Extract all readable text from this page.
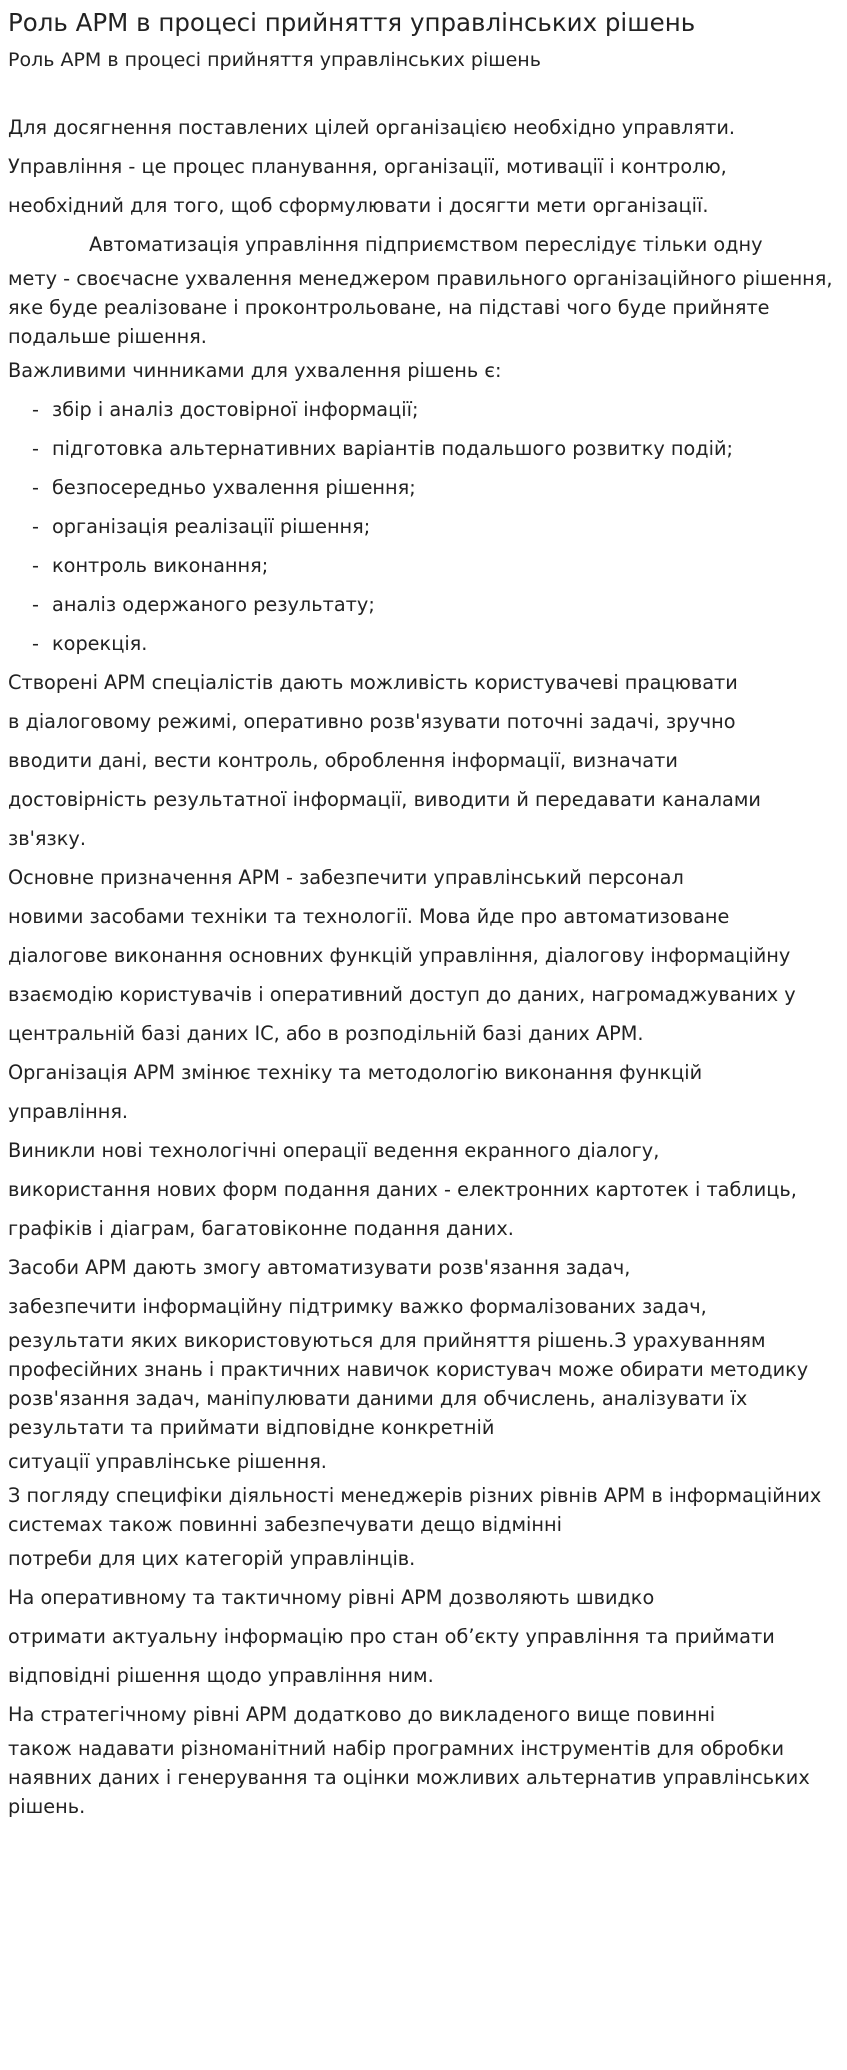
Роль АРМ в процесі прийняття управлінських рішень
Роль АРМ в процесі прийняття управлінських рішень

Для досягнення поставлених цілей організацією необхідно управляти.

Управління - це процес планування, організації, мотивації і контролю,

необхідний для того, щоб сформулювати і досягти мети організації.

Автоматизація управління підприємством переслідує тільки одну

мету - своєчасне ухвалення менеджером правильного організаційного рішення, яке буде реалізоване і проконтрольоване, на підставі чого буде прийняте подальше рішення.

Важливими чинниками для ухвалення рішень є:

- збір і аналіз достовірної інформації;
- підготовка альтернативних варіантів подальшого розвитку подій;
- безпосередньо ухвалення рішення;
- організація реалізації рішення;
- контроль виконання;
- аналіз одержаного результату;
- корекція.

Створені АРМ спеціалістів дають можливість користувачеві працювати

в діалоговому режимі, оперативно розв'язувати поточні задачі, зручно

вводити дані, вести контроль, оброблення інформації, визначати

достовірність результатної інформації, виводити й передавати каналами

зв'язку.

Основне призначення АРМ - забезпечити управлінський персонал

новими засобами техніки та технології. Мова йде про автоматизоване

діалогове виконання основних функцій управління, діалогову інформаційну

взаємодію користувачів і оперативний доступ до даних, нагромаджуваних у

центральній базі даних ІС, або в розподільній базі даних АРМ.

Організація АРМ змінює техніку та методологію виконання функцій

управління.

Виникли нові технологічні операції ведення екранного діалогу,

використання нових форм подання даних - електронних картотек і таблиць,

графіків і діаграм, багатовіконне подання даних.

Засоби АРМ дають змогу автоматизувати розв'язання задач,

забезпечити інформаційну підтримку важко формалізованих задач,

результати яких використовуються для прийняття рішень.З урахуванням професійних знань і практичних навичок користувач може обирати методику розв'язання задач, маніпулювати даними для обчислень, аналізувати їх результати та приймати відповідне конкретній

ситуації управлінське рішення.

З погляду специфіки діяльності менеджерів різних рівнів АРМ в інформаційних системах також повинні забезпечувати дещо відмінні

потреби для цих категорій управлінців.

На оперативному та тактичному рівні АРМ дозволяють швидко

отримати актуальну інформацію про стан об’єкту управління та приймати

відповідні рішення щодо управління ним.

На стратегічному рівні АРМ додатково до викладеного вище повинні

також надавати різноманітний набір програмних інструментів для обробки наявних даних і генерування та оцінки можливих альтернатив управлінських рішень.
